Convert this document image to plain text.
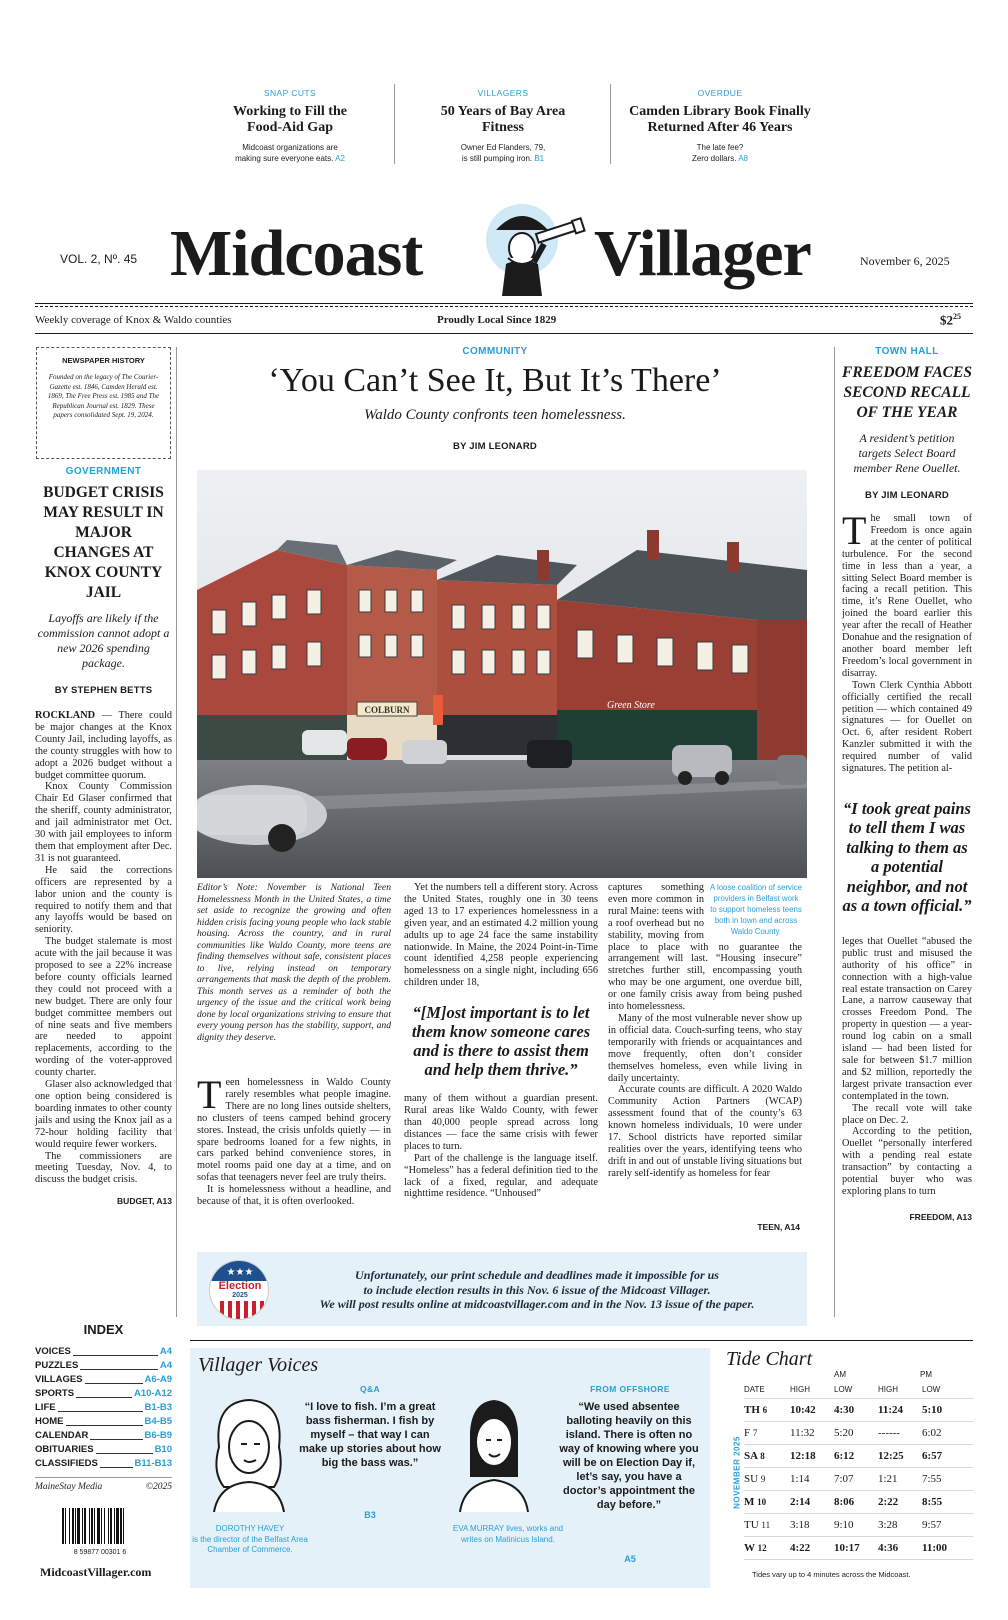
SNAP CUTS
Working to Fill the Food-Aid Gap
Midcoast organizations are
making sure everyone eats. A2
VILLAGERS
50 Years of Bay Area Fitness
Owner Ed Flanders, 79,
is still pumping iron. B1
OVERDUE
Camden Library Book Finally Returned After 46 Years
The late fee?
Zero dollars. A8
VOL. 2, Nº. 45 Midcoast	Villager	November 6, 2025
Weekly coverage of Knox & Waldo counties	Proudly Local Since 1829	$\$2^{25}$
NEWSPAPER HISTORY
Founded on the legacy of The Courier-Gazette est. 1846, Camden Herald est. 1869, The Free Press est. 1985 and The Republican Journal est. 1829. These papers consolidated Sept. 19, 2024.
GOVERNMENT
BUDGET CRISIS MAY RESULT IN MAJOR CHANGES AT KNOX COUNTY JAIL
Layoffs are likely if the commission cannot adopt a new 2026 spending package.
BY STEPHEN BETTS

ROCKLAND — There could be major changes at the Knox County Jail, including layoffs, as the county struggles with how to adopt a 2026 budget without a budget committee quorum.

Knox County Commission Chair Ed Glaser confirmed that the sheriff, county administrator, and jail administrator met Oct. 30 with jail employees to inform them that employment after Dec. 31 is not guaranteed.

He said the corrections officers are represented by a labor union and the county is required to notify them and that any layoffs would be based on seniority.

The budget stalemate is most acute with the jail because it was proposed to see a 22% increase before county officials learned they could not proceed with a new budget. There are only four budget committee members out of nine seats and five members are needed to appoint replacements, according to the wording of the voter-approved county charter.

Glaser also acknowledged that one option being considered is boarding inmates to other county jails and using the Knox jail as a 72-hour holding facility that would require fewer workers.

The commissioners are meeting Tuesday, Nov. 4, to discuss the budget crisis.

BUDGET, A13
INDEX
VOICES	A4
PUZZLES	A4
VILLAGES	A6-A9
SPORTS	A10-A12
LIFE	B1-B3
HOME	B4-B5
CALENDAR	B6-B9
OBITUARIES	B10
CLASSIFIEDS	B11-B13
MaineStay Media	©2025
8 59877 00301 6
MidcoastVillager.com
COMMUNITY
‘You Can’t See It, But It’s There’
Waldo County confronts teen homelessness.
BY JIM LEONARD
COLBURN	Green Store
Editor’s Note: November is National Teen Homelessness Month in the United States, a time set aside to recognize the growing and often hidden crisis facing young people who lack stable housing. Across the country, and in rural communities like Waldo County, more teens are finding themselves without safe, consistent places to live, relying instead on temporary arrangements that mask the depth of the problem. This month serves as a reminder of both the urgency of the issue and the critical work being done by local organizations striving to ensure that every young person has the stability, support, and dignity they deserve.
T een homelessness in Waldo County rarely resembles what people imagine. There are no long lines outside shelters, no clusters of teens camped behind grocery stores. Instead, the crisis unfolds quietly — in spare bedrooms loaned for a few nights, in cars parked behind convenience stores, in motel rooms paid one day at a time, and on sofas that teenagers never feel are truly theirs.

It is homelessness without a headline, and because of that, it is often overlooked.

Yet the numbers tell a different story. Across the United States, roughly one in 30 teens aged 13 to 17 experiences homelessness in a given year, and an estimated 4.2 million young adults up to age 24 face the same instability nationwide. In Maine, the 2024 Point-in-Time count identified 4,258 people experiencing homelessness on a single night, including 656 children under 18,

“[M]ost important is to let them know someone cares and is there to assist them and help them thrive.”

many of them without a guardian present. Rural areas like Waldo County, with fewer than 40,000 people spread across long distances — face the same crisis with fewer places to turn.

Part of the challenge is the language itself. “Homeless” has a federal definition tied to the lack of a fixed, regular, and adequate nighttime residence. “Unhoused”

A loose coalition of service providers in Belfast work to support homeless teens both in town and across Waldo County.

captures something even more common in rural Maine: teens with a roof overhead but no stability, moving from place to place with no guarantee the arrangement will last. “Housing insecure” stretches further still, encompassing youth who may be one argument, one overdue bill, or one family crisis away from being pushed into homelessness.

Many of the most vulnerable never show up in official data. Couch-surfing teens, who stay temporarily with friends or acquaintances and move frequently, often don’t consider themselves homeless, even while living in daily uncertainty.

Accurate counts are difficult. A 2020 Waldo Community Action Partners (WCAP) assessment found that of the county’s 63 known homeless individuals, 10 were under 17. School districts have reported similar realities over the years, identifying teens who drift in and out of unstable living situations but rarely self-identify as homeless for fear

TEEN, A14
★★★
Election
2025
Unfortunately, our print schedule and deadlines made it impossible for us
to include election results in this Nov. 6 issue of the Midcoast Villager.
We will post results online at midcoastvillager.com and in the Nov. 13 issue of the paper.
TOWN HALL
FREEDOM FACES SECOND RECALL OF THE YEAR
A resident’s petition targets Select Board member Rene Ouellet.
BY JIM LEONARD
T he small town of Freedom is once again at the center of political turbulence. For the second time in less than a year, a sitting Select Board member is facing a recall petition. This time, it’s Rene Ouellet, who joined the board earlier this year after the recall of Heather Donahue and the resignation of another board member left Freedom’s local government in disarray.

Town Clerk Cynthia Abbott officially certified the recall petition — which contained 49 signatures — for Ouellet on Oct. 6, after resident Robert Kanzler submitted it with the required number of valid signatures. The petition al-

“I took great pains to tell them I was talking to them as a potential neighbor, and not as a town official.”

leges that Ouellet “abused the public trust and misused the authority of his office” in connection with a high-value real estate transaction on Carey Lane, a narrow causeway that crosses Freedom Pond. The property in question — a year-round log cabin on a small island — had been listed for sale for between $1.7 million and $2 million, reportedly the largest private transaction ever contemplated in the town.

The recall vote will take place on Dec. 2.

According to the petition, Ouellet “personally interfered with a pending real estate transaction” by contacting a potential buyer who was exploring plans to turn

FREEDOM, A13
Villager Voices
Q&A
“I love to fish. I’m a great bass fisherman. I fish by myself – that way I can make up stories about how big the bass was.”
B3
DOROTHY HAVEY
is the director of the Belfast Area Chamber of Commerce.
FROM OFFSHORE
“We used absentee balloting heavily on this island. There is often no way of knowing where you will be on Election Day if, let’s say, you have a doctor’s appointment the day before.”
A5
EVA MURRAY lives, works and writes on Matinicus Island.
Tide Chart
AM	PM
NOVEMBER 2025
DATE	HIGH	LOW	HIGH	LOW
TH 6	10:42	4:30	11:24	5:10
F 7	11:32	5:20	------	6:02
SA 8	12:18	6:12	12:25	6:57
SU 9	1:14	7:07	1:21	7:55
M 10	2:14	8:06	2:22	8:55
TU 11	3:18	9:10	3:28	9:57
W 12	4:22	10:17	4:36	11:00
Tides vary up to 4 minutes across the Midcoast.
